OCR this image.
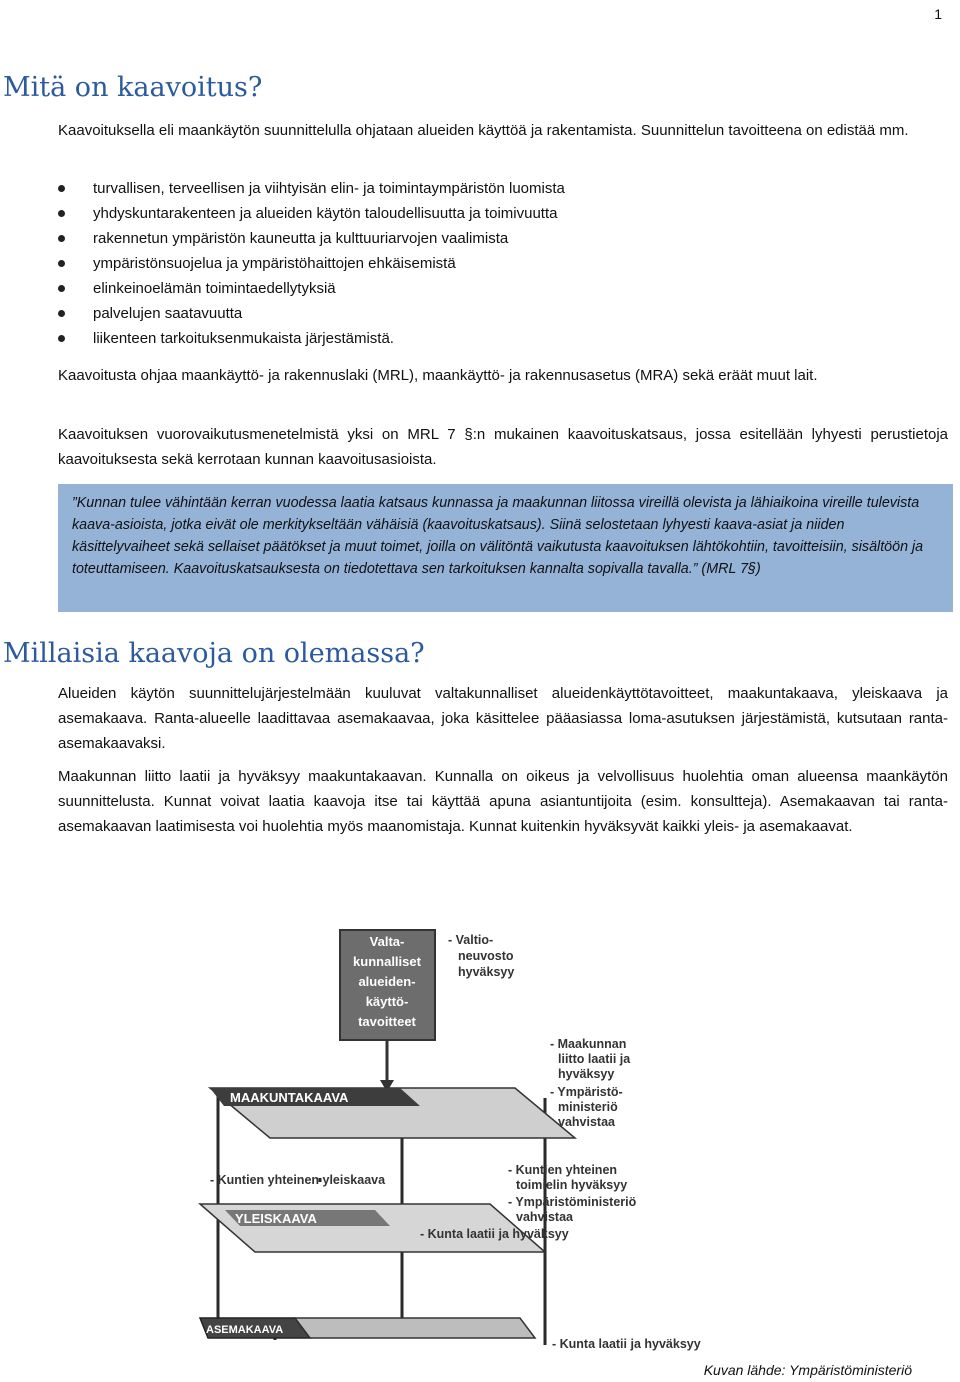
1
Mitä on kaavoitus?

Kaavoituksella eli maankäytön suunnittelulla ohjataan alueiden käyttöä ja rakentamista. Suunnittelun tavoitteena on edistää mm.

turvallisen, terveellisen ja viihtyisän elin- ja toimintaympäristön luomista
yhdyskuntarakenteen ja alueiden käytön taloudellisuutta ja toimivuutta
rakennetun ympäristön kauneutta ja kulttuuriarvojen vaalimista
ympäristönsuojelua ja ympäristöhaittojen ehkäisemistä
elinkeinoelämän toimintaedellytyksiä
palvelujen saatavuutta
liikenteen tarkoituksenmukaista järjestämistä.

Kaavoitusta ohjaa maankäyttö- ja rakennuslaki (MRL), maankäyttö- ja rakennusasetus (MRA) sekä eräät muut lait.

Kaavoituksen vuorovaikutusmenetelmistä yksi on MRL 7 §:n mukainen kaavoituskatsaus, jossa esitellään lyhyesti perustietoja kaavoituksesta sekä kerrotaan kunnan kaavoitusasioista.

”Kunnan tulee vähintään kerran vuodessa laatia katsaus kunnassa ja maakunnan liitossa vireillä olevista ja lähiaikoina vireille tulevista kaava-asioista, jotka eivät ole merkitykseltään vähäisiä (kaavoituskatsaus). Siinä selostetaan lyhyesti kaava-asiat ja niiden käsittelyvaiheet sekä sellaiset päätökset ja muut toimet, joilla on välitöntä vaikutusta kaavoituksen lähtökohtiin, tavoitteisiin, sisältöön ja toteuttamiseen. Kaavoituskatsauksesta on tiedotettava sen tarkoituksen kannalta sopivalla tavalla.” (MRL 7§)
Millaisia kaavoja on olemassa?

Alueiden käytön suunnittelujärjestelmään kuuluvat valtakunnalliset alueidenkäyttötavoitteet, maakuntakaava, yleiskaava ja asemakaava. Ranta-alueelle laadittavaa asemakaavaa, joka käsittelee pääasiassa loma-asutuksen järjestämistä, kutsutaan ranta-asemakaavaksi.

Maakunnan liitto laatii ja hyväksyy maakuntakaavan. Kunnalla on oikeus ja velvollisuus huolehtia oman alueensa maankäytön suunnittelusta. Kunnat voivat laatia kaavoja itse tai käyttää apuna asiantuntijoita (esim. konsultteja). Asemakaavan tai ranta-asemakaavan laatimisesta voi huolehtia myös maanomistaja. Kunnat kuitenkin hyväksyvät kaikki yleis- ja asemakaavat.

Valta-
kunnalliset
alueiden-
käyttö-
tavoitteet
- Valtio-
neuvosto
hyväksyy
MAAKUNTAKAAVA
- Maakunnan
liitto laatii ja
hyväksyy
- Ympäristö-
ministeriö
vahvistaa
- Kuntien yhteinen yleiskaava
YLEISKAAVA
- Kuntien yhteinen
toimielin hyväksyy
- Ympäristöministeriö
vahvistaa
- Kunta laatii ja hyväksyy
ASEMAKAAVA
- Kunta laatii ja hyväksyy
Kuvan lähde: Ympäristöministeriö
